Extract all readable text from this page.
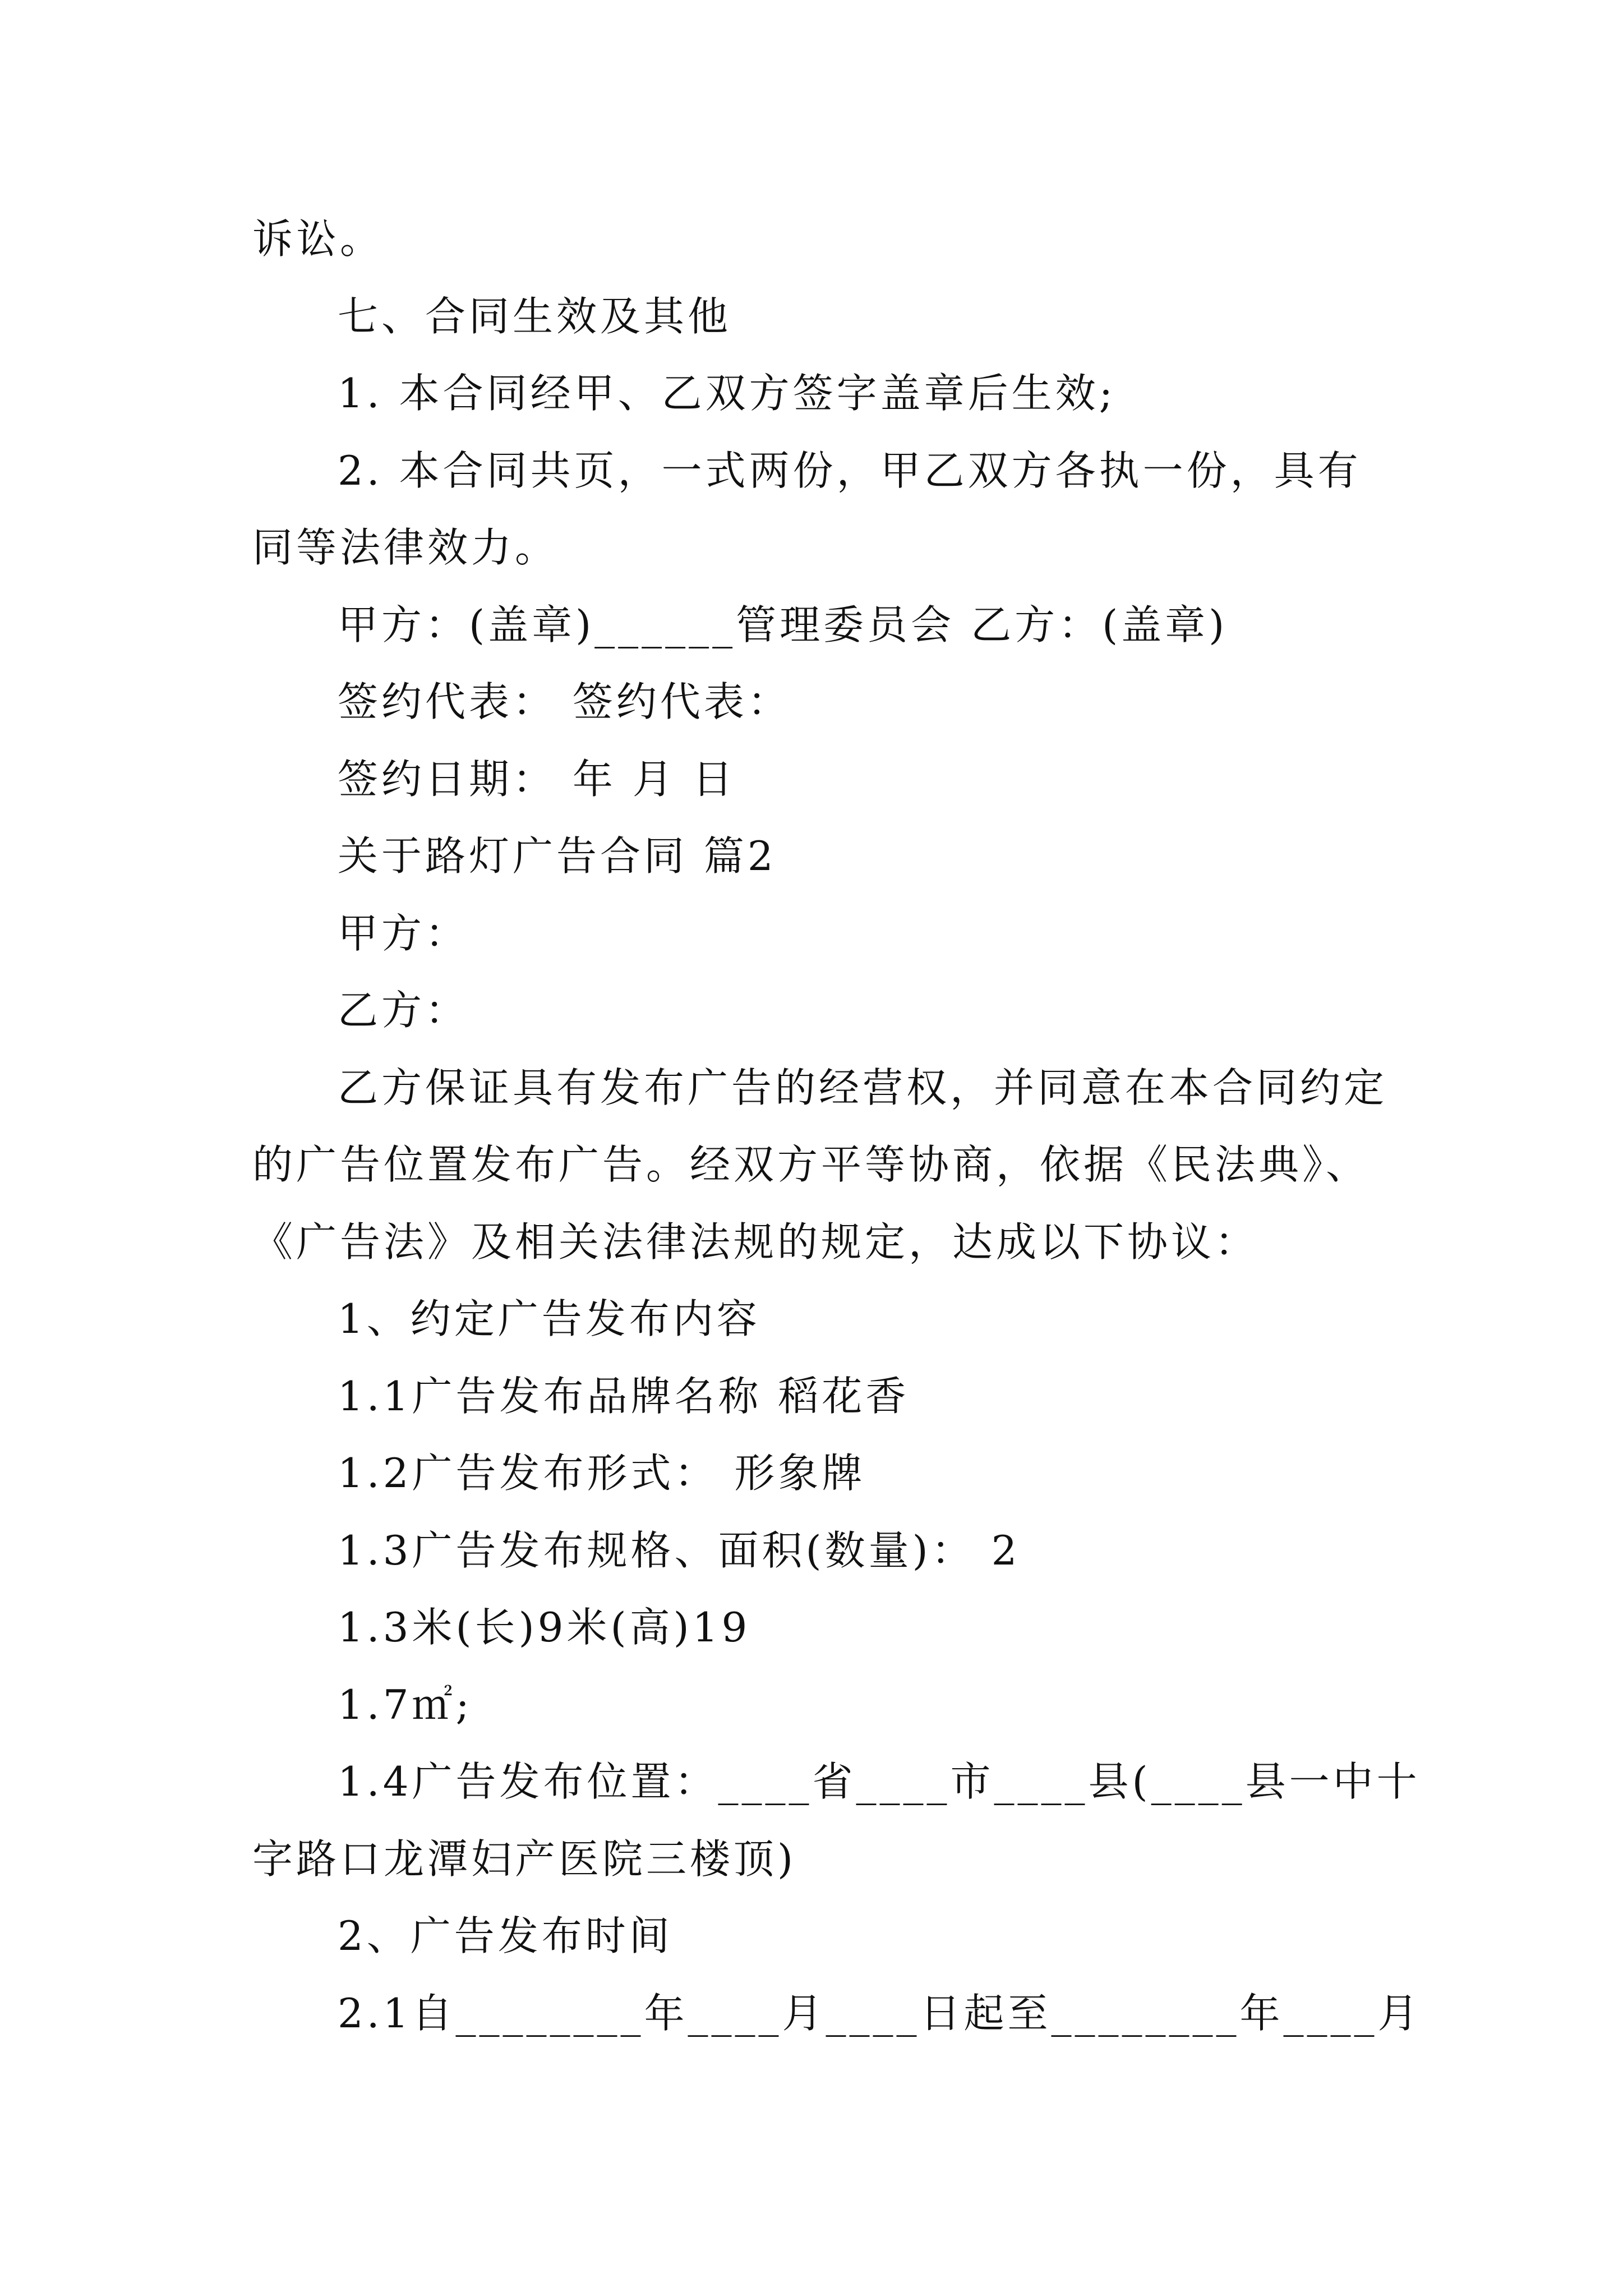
诉讼。
七、合同生效及其他
1. 本合同经甲、乙双方签字盖章后生效;
2. 本合同共页，一式两份，甲乙双方各执一份，具有
同等法律效力。
甲方：(盖章)______管理委员会 乙方：(盖章)
签约代表： 签约代表：
签约日期： 年 月 日
关于路灯广告合同 篇2
甲方：
乙方：
乙方保证具有发布广告的经营权，并同意在本合同约定
的广告位置发布广告。经双方平等协商，依据《民法典》、
《广告法》及相关法律法规的规定，达成以下协议：
1、约定广告发布内容
1.1广告发布品牌名称 稻花香
1.2广告发布形式： 形象牌
1.3广告发布规格、面积(数量)： 2
1.3米(长)9米(高)19
1.7㎡;
1.4广告发布位置：____省____市____县(____县一中十
字路口龙潭妇产医院三楼顶)
2、广告发布时间
2.1自________年____月____日起至________年____月
